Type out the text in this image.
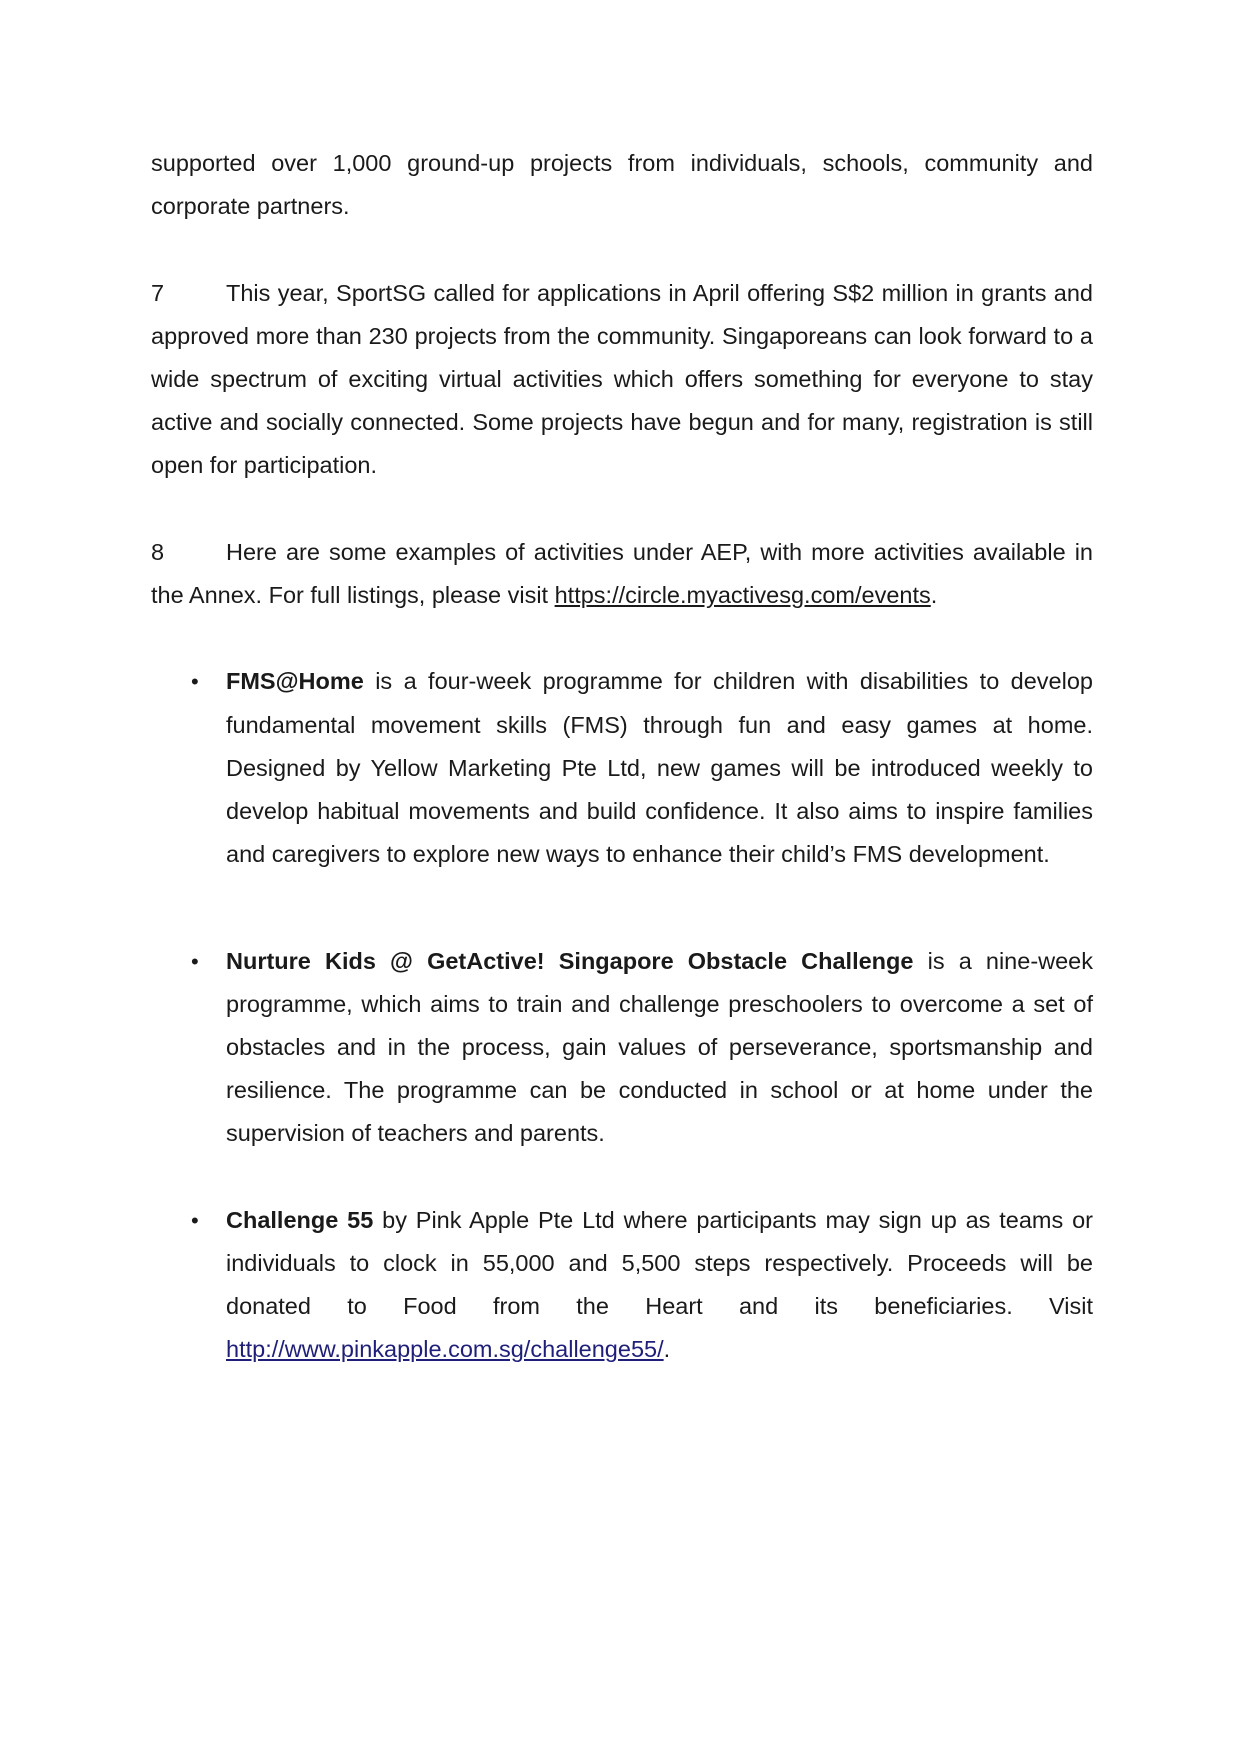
supported over 1,000 ground-up projects from individuals, schools, community and corporate partners.

7	This year, SportSG called for applications in April offering S$2 million in grants and approved more than 230 projects from the community. Singaporeans can look forward to a wide spectrum of exciting virtual activities which offers something for everyone to stay active and socially connected. Some projects have begun and for many, registration is still open for participation.

8	Here are some examples of activities under AEP, with more activities available in the Annex. For full listings, please visit https://circle.myactivesg.com/events.

• FMS@Home is a four-week programme for children with disabilities to develop fundamental movement skills (FMS) through fun and easy games at home. Designed by Yellow Marketing Pte Ltd, new games will be introduced weekly to develop habitual movements and build confidence. It also aims to inspire families and caregivers to explore new ways to enhance their child’s FMS development.
• Nurture Kids @ GetActive! Singapore Obstacle Challenge is a nine-week programme, which aims to train and challenge preschoolers to overcome a set of obstacles and in the process, gain values of perseverance, sportsmanship and resilience. The programme can be conducted in school or at home under the supervision of teachers and parents.
• Challenge 55 by Pink Apple Pte Ltd where participants may sign up as teams or individuals to clock in 55,000 and 5,500 steps respectively. Proceeds will be donated to Food from the Heart and its beneficiaries. Visit http://www.pinkapple.com.sg/challenge55/.
